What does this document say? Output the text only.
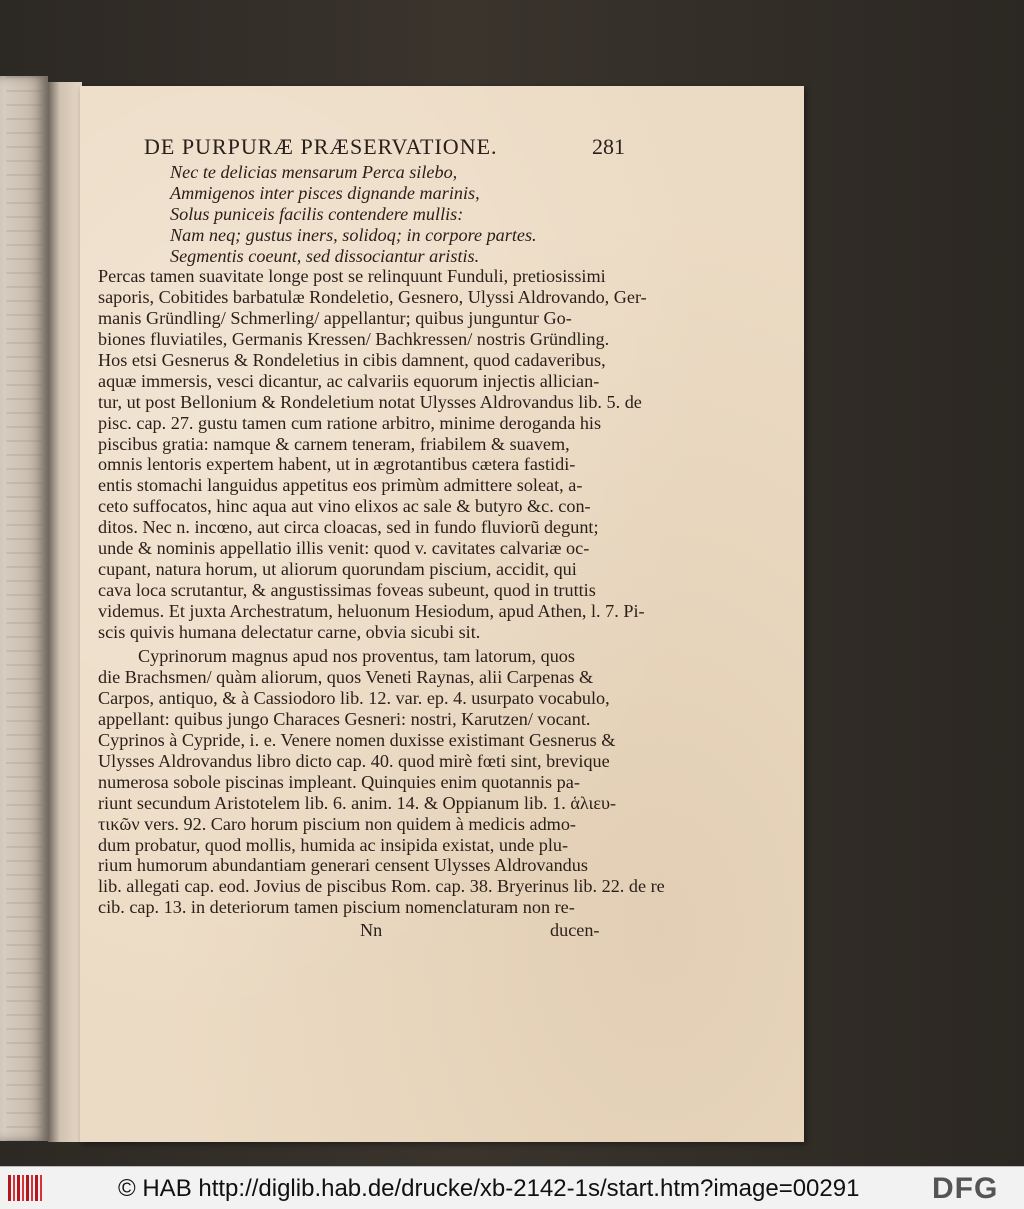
DE PURPURÆ PRÆSERVATIONE.	281
Nec te delicias mensarum Perca silebo,
Ammigenos inter pisces dignande marinis,
Solus puniceis facilis contendere mullis:
Nam neq; gustus iners, solidoq; in corpore partes.
Segmentis coeunt, sed dissociantur aristis.
Percas tamen suavitate longe post se relinquunt Funduli, pretiosissimi
saporis, Cobitides barbatulæ Rondeletio, Gesnero, Ulyssi Aldrovando, Ger-
manis Gründling/ Schmerling/ appellantur; quibus junguntur Go-
biones fluviatiles, Germanis Kressen/ Bachkressen/ nostris Gründling.
Hos etsi Gesnerus & Rondeletius in cibis damnent, quod cadaveribus,
aquæ immersis, vesci dicantur, ac calvariis equorum injectis allician-
tur, ut post Bellonium & Rondeletium notat Ulysses Aldrovandus lib. 5. de
pisc. cap. 27. gustu tamen cum ratione arbitro, minime deroganda his
piscibus gratia: namque & carnem teneram, friabilem & suavem,
omnis lentoris expertem habent, ut in ægrotantibus cætera fastidi-
entis stomachi languidus appetitus eos primùm admittere soleat, a-
ceto suffocatos, hinc aqua aut vino elixos ac sale & butyro &c. con-
ditos. Nec n. incœno, aut circa cloacas, sed in fundo fluviorũ degunt;
unde & nominis appellatio illis venit: quod v. cavitates calvariæ oc-
cupant, natura horum, ut aliorum quorundam piscium, accidit, qui
cava loca scrutantur, & angustissimas foveas subeunt, quod in truttis
videmus. Et juxta Archestratum, heluonum Hesiodum, apud Athen, l. 7. Pi-
scis quivis humana delectatur carne, obvia sicubi sit.
Cyprinorum magnus apud nos proventus, tam latorum, quos
die Brachsmen/ quàm aliorum, quos Veneti Raynas, alii Carpenas &
Carpos, antiquo, & à Cassiodoro lib. 12. var. ep. 4. usurpato vocabulo,
appellant: quibus jungo Characes Gesneri: nostri, Karutzen/ vocant.
Cyprinos à Cypride, i. e. Venere nomen duxisse existimant Gesnerus &
Ulysses Aldrovandus libro dicto cap. 40. quod mirè fœti sint, brevique
numerosa sobole piscinas impleant. Quinquies enim quotannis pa-
riunt secundum Aristotelem lib. 6. anim. 14. & Oppianum lib. 1. ἁλιευ-
τικῶν vers. 92. Caro horum piscium non quidem à medicis admo-
dum probatur, quod mollis, humida ac insipida existat, unde plu-
rium humorum abundantiam generari censent Ulysses Aldrovandus
lib. allegati cap. eod. Jovius de piscibus Rom. cap. 38. Bryerinus lib. 22. de re
cib. cap. 13. in deteriorum tamen piscium nomenclaturam non re-
Nn	ducen-
© HAB http://diglib.hab.de/drucke/xb-2142-1s/start.htm?image=00291 DFG
